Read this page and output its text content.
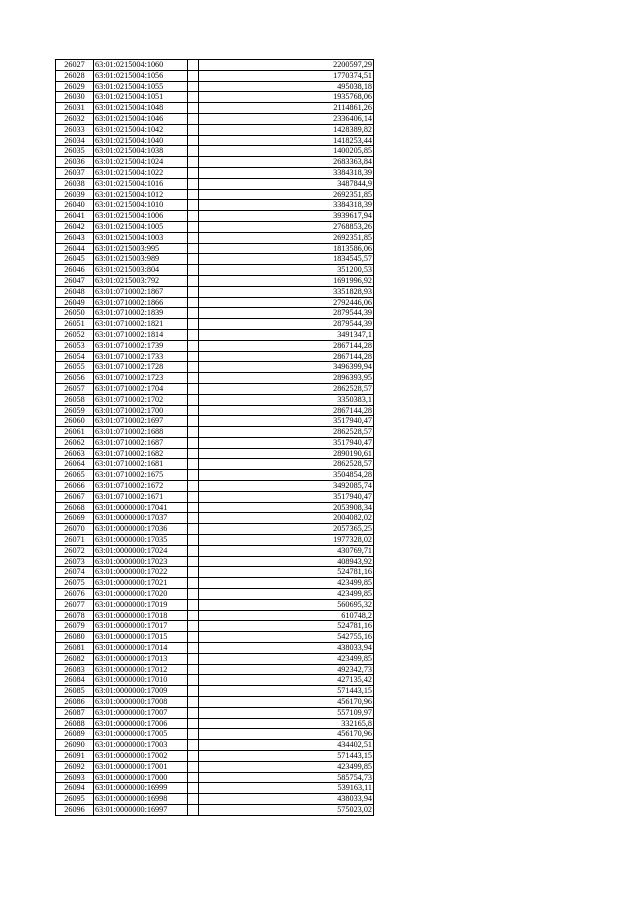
26027	63:01:0215004:1060		2200597,29
26028	63:01:0215004:1056		1770374,51
26029	63:01:0215004:1055		495038,18
26030	63:01:0215004:1051		1935768,06
26031	63:01:0215004:1048		2114861,26
26032	63:01:0215004:1046		2336406,14
26033	63:01:0215004:1042		1428389,82
26034	63:01:0215004:1040		1418253,44
26035	63:01:0215004:1038		1400205,85
26036	63:01:0215004:1024		2683363,84
26037	63:01:0215004:1022		3384318,39
26038	63:01:0215004:1016		3487844,9
26039	63:01:0215004:1012		2692351,85
26040	63:01:0215004:1010		3384318,39
26041	63:01:0215004:1006		3939617,94
26042	63:01:0215004:1005		2768853,26
26043	63:01:0215004:1003		2692351,85
26044	63:01:0215003:995		1813586,06
26045	63:01:0215003:989		1834545,57
26046	63:01:0215003:804		351200,53
26047	63:01:0215003:792		1691996,92
26048	63:01:0710002:1867		3351828,93
26049	63:01:0710002:1866		2792446,06
26050	63:01:0710002:1839		2879544,39
26051	63:01:0710002:1821		2879544,39
26052	63:01:0710002:1814		3491347,1
26053	63:01:0710002:1739		2867144,28
26054	63:01:0710002:1733		2867144,28
26055	63:01:0710002:1728		3496399,94
26056	63:01:0710002:1723		2896393,95
26057	63:01:0710002:1704		2862528,57
26058	63:01:0710002:1702		3350383,1
26059	63:01:0710002:1700		2867144,28
26060	63:01:0710002:1697		3517940,47
26061	63:01:0710002:1688		2862528,57
26062	63:01:0710002:1687		3517940,47
26063	63:01:0710002:1682		2890190,61
26064	63:01:0710002:1681		2862528,57
26065	63:01:0710002:1675		3504854,28
26066	63:01:0710002:1672		3492085,74
26067	63:01:0710002:1671		3517940,47
26068	63:01:0000000:17041		2053908,34
26069	63:01:0000000:17037		2004082,02
26070	63:01:0000000:17036		2057365,25
26071	63:01:0000000:17035		1977328,02
26072	63:01:0000000:17024		430769,71
26073	63:01:0000000:17023		408943,92
26074	63:01:0000000:17022		524781,16
26075	63:01:0000000:17021		423499,85
26076	63:01:0000000:17020		423499,85
26077	63:01:0000000:17019		560695,32
26078	63:01:0000000:17018		610748,2
26079	63:01:0000000:17017		524781,16
26080	63:01:0000000:17015		542755,16
26081	63:01:0000000:17014		438033,94
26082	63:01:0000000:17013		423499,85
26083	63:01:0000000:17012		492342,73
26084	63:01:0000000:17010		427135,42
26085	63:01:0000000:17009		571443,15
26086	63:01:0000000:17008		456170,96
26087	63:01:0000000:17007		557109,97
26088	63:01:0000000:17006		332165,8
26089	63:01:0000000:17005		456170,96
26090	63:01:0000000:17003		434402,51
26091	63:01:0000000:17002		571443,15
26092	63:01:0000000:17001		423499,85
26093	63:01:0000000:17000		585754,73
26094	63:01:0000000:16999		539163,11
26095	63:01:0000000:16998		438033,94
26096	63:01:0000000:16997		575023,02
